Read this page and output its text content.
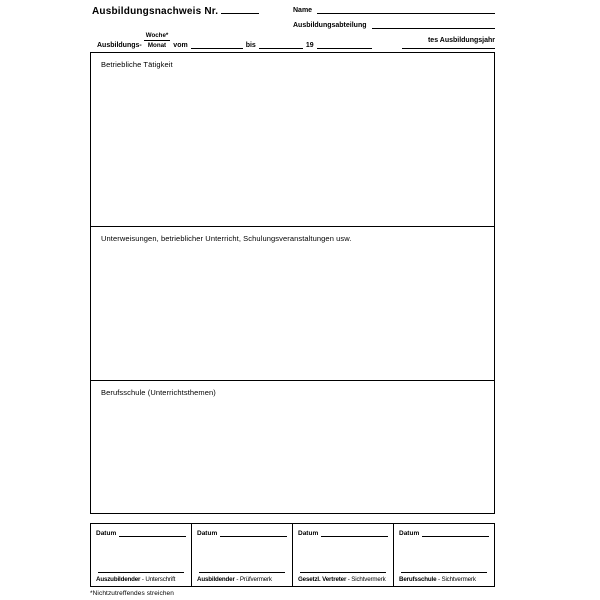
Ausbildungsnachweis Nr.	Name
Ausbildungsabteilung
Ausbildungs- $\frac{\text{Woche*}}{\text{Monat}}$ vom	bis	19
tes Ausbildungsjahr
Betriebliche Tätigkeit
Unterweisungen, betrieblicher Unterricht, Schulungsveranstaltungen usw.
Berufsschule (Unterrichtsthemen)
Datum
Auszubildender - Unterschrift
Datum
Ausbildender - Prüfvermerk
Datum
Gesetzl. Vertreter - Sichtvermerk
Datum
Berufsschule - Sichtvermerk
*Nichtzutreffendes streichen
